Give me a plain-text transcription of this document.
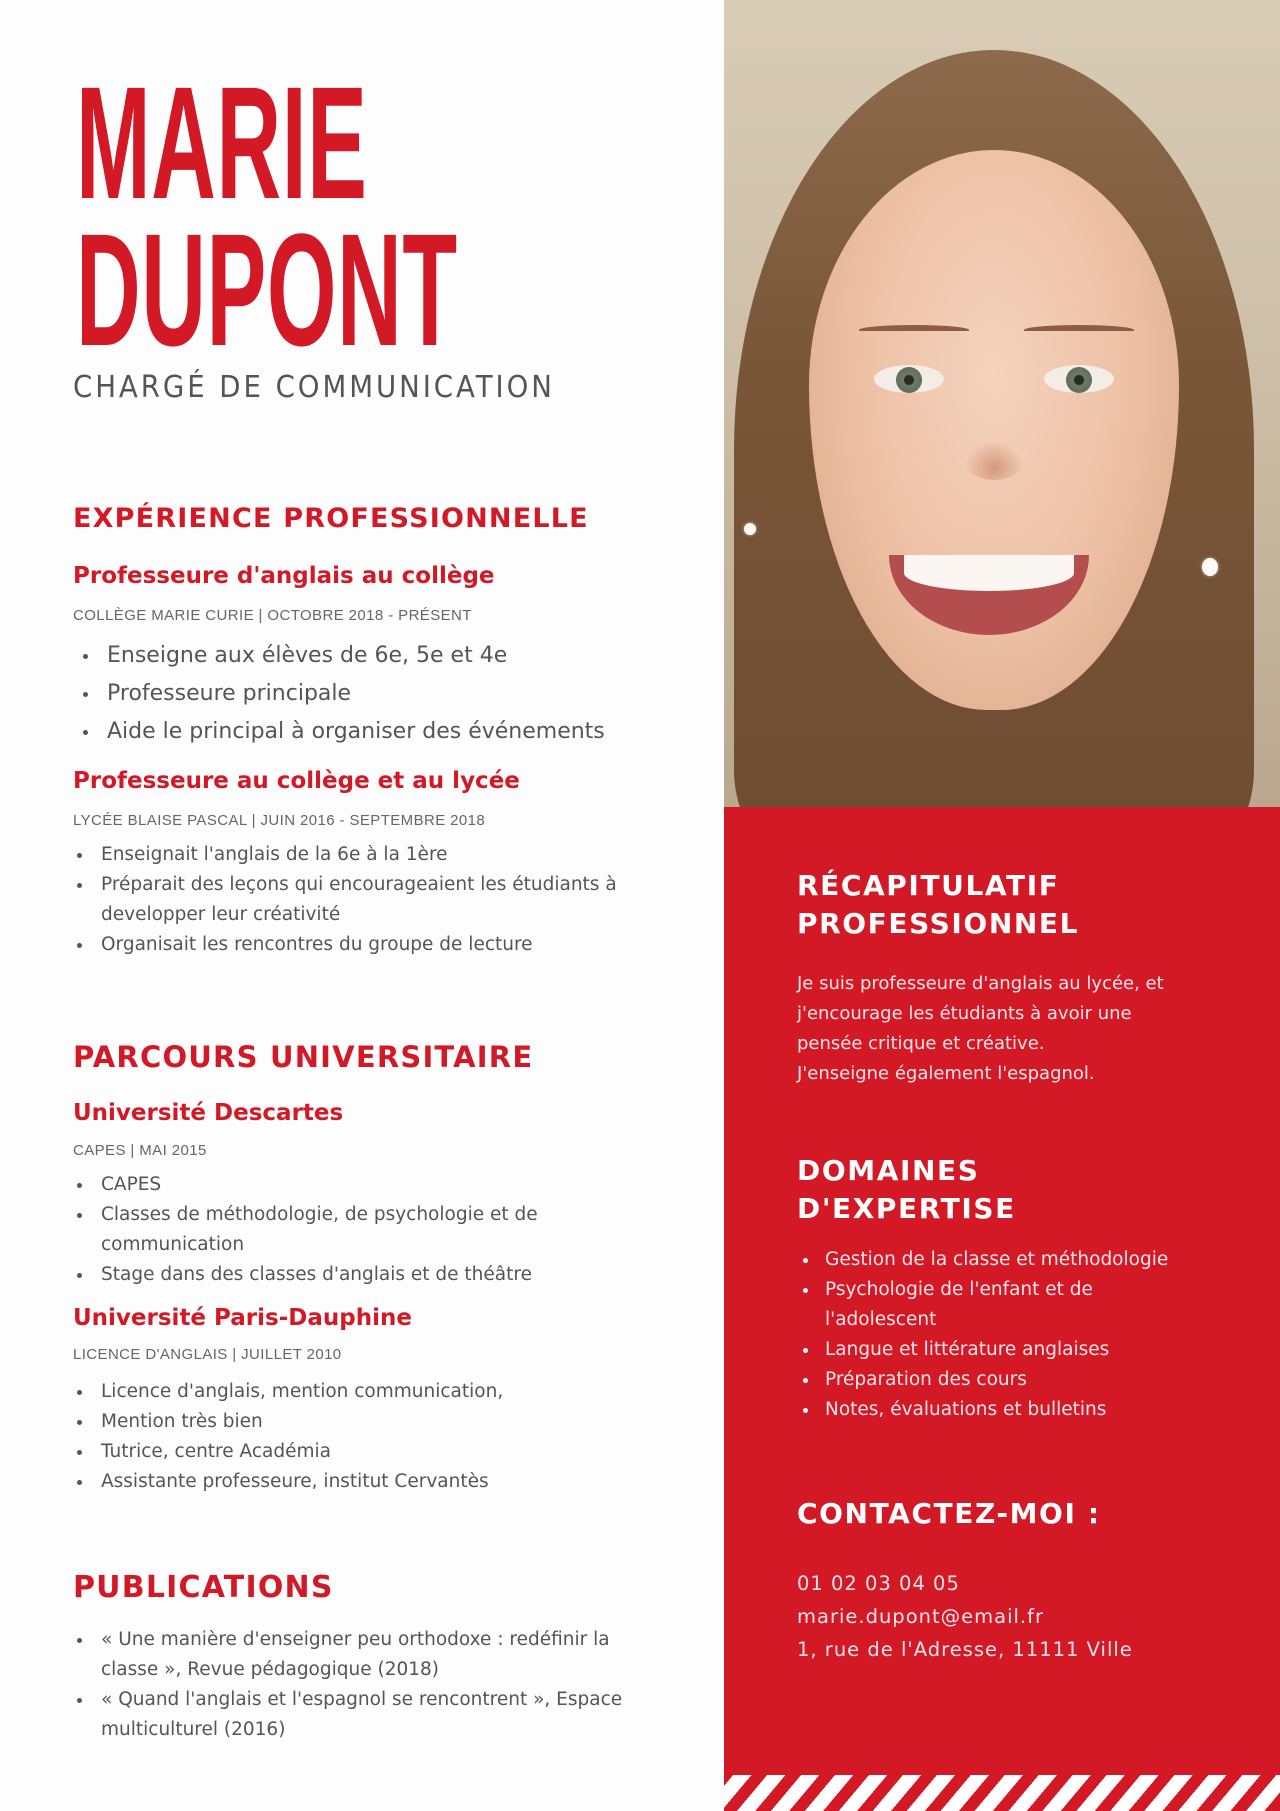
MARIE
DUPONT
CHARGÉ DE COMMUNICATION
EXPÉRIENCE PROFESSIONNELLE
Professeure d'anglais au collège
COLLÈGE MARIE CURIE | OCTOBRE 2018 - PRÉSENT
Enseigne aux élèves de 6e, 5e et 4e
Professeure principale
Aide le principal à organiser des événements
Professeure au collège et au lycée
LYCÉE BLAISE PASCAL | JUIN 2016 - SEPTEMBRE 2018
Enseignait l'anglais de la 6e à la 1ère
Préparait des leçons qui encourageaient les étudiants à developper leur créativité
Organisait les rencontres du groupe de lecture
PARCOURS UNIVERSITAIRE
Université Descartes
CAPES | MAI 2015
CAPES
Classes de méthodologie, de psychologie et de communication
Stage dans des classes d'anglais et de théâtre
Université Paris-Dauphine
LICENCE D'ANGLAIS | JUILLET 2010
Licence d'anglais, mention communication,
Mention très bien
Tutrice, centre Académia
Assistante professeure, institut Cervantès
PUBLICATIONS
« Une manière d'enseigner peu orthodoxe : redéfinir la classe », Revue pédagogique (2018)
« Quand l'anglais et l'espagnol se rencontrent », Espace multiculturel (2016)
RÉCAPITULATIF
PROFESSIONNEL
Je suis professeure d'anglais au lycée, et
j'encourage les étudiants à avoir une
pensée critique et créative.
J'enseigne également l'espagnol.
DOMAINES
D'EXPERTISE
Gestion de la classe et méthodologie
Psychologie de l'enfant et de l'adolescent
Langue et littérature anglaises
Préparation des cours
Notes, évaluations et bulletins
CONTACTEZ-MOI :
01 02 03 04 05
marie.dupont@email.fr
1, rue de l'Adresse, 11111 Ville
